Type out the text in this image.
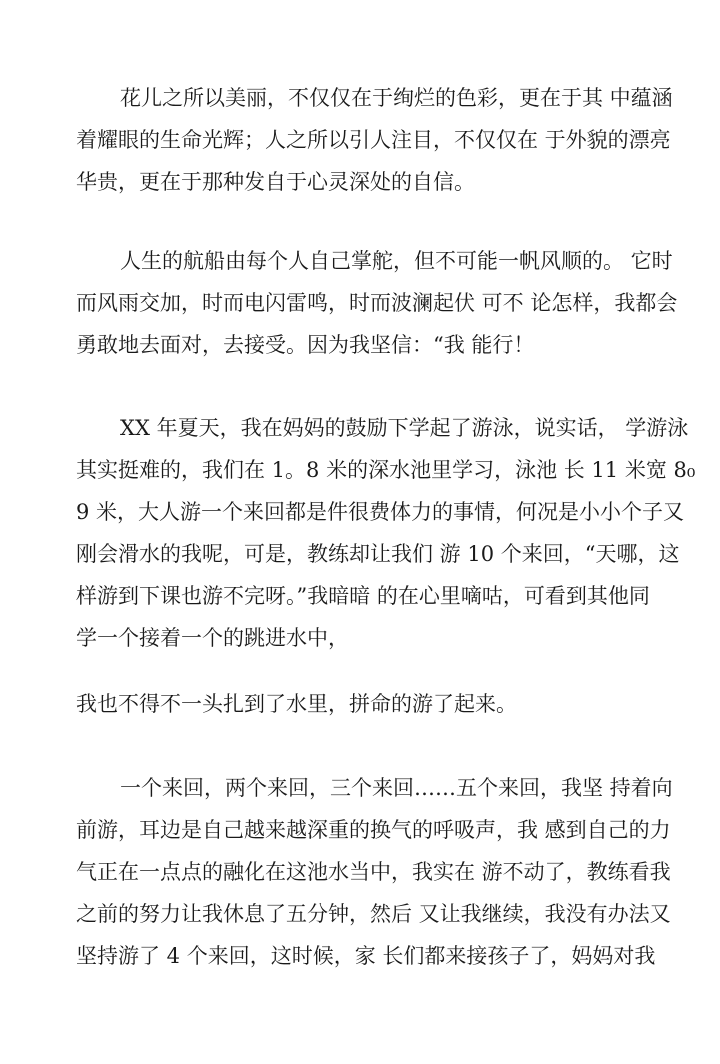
花儿之所以美丽，不仅仅在于绚烂的色彩，更在于其 中蕴涵
着耀眼的生命光辉；人之所以引人注目，不仅仅在 于外貌的漂亮
华贵，更在于那种发自于心灵深处的自信。

人生的航船由每个人自己掌舵，但不可能一帆风顺的。 它时
而风雨交加，时而电闪雷鸣，时而波澜起伏 可不 论怎样，我都会
勇敢地去面对，去接受。因为我坚信：“我 能行！

XX 年夏天，我在妈妈的鼓励下学起了游泳，说实话， 学游泳
其实挺难的，我们在 1。8 米的深水池里学习，泳池 长 11 米宽 8₀
9 米，大人游一个来回都是件很费体力的事情，何况是小小个子又
刚会滑水的我呢，可是，教练却让我们 游 10 个来回，“天哪，这
样游到下课也游不完呀。”我暗暗 的在心里嘀咕，可看到其他同
学一个接着一个的跳进水中，

我也不得不一头扎到了水里，拼命的游了起来。

一个来回，两个来回，三个来回……五个来回，我坚 持着向
前游，耳边是自己越来越深重的换气的呼吸声，我 感到自己的力
气正在一点点的融化在这池水当中，我实在 游不动了，教练看我
之前的努力让我休息了五分钟，然后 又让我继续，我没有办法又
坚持游了 4 个来回，这时候，家 长们都来接孩子了，妈妈对我
